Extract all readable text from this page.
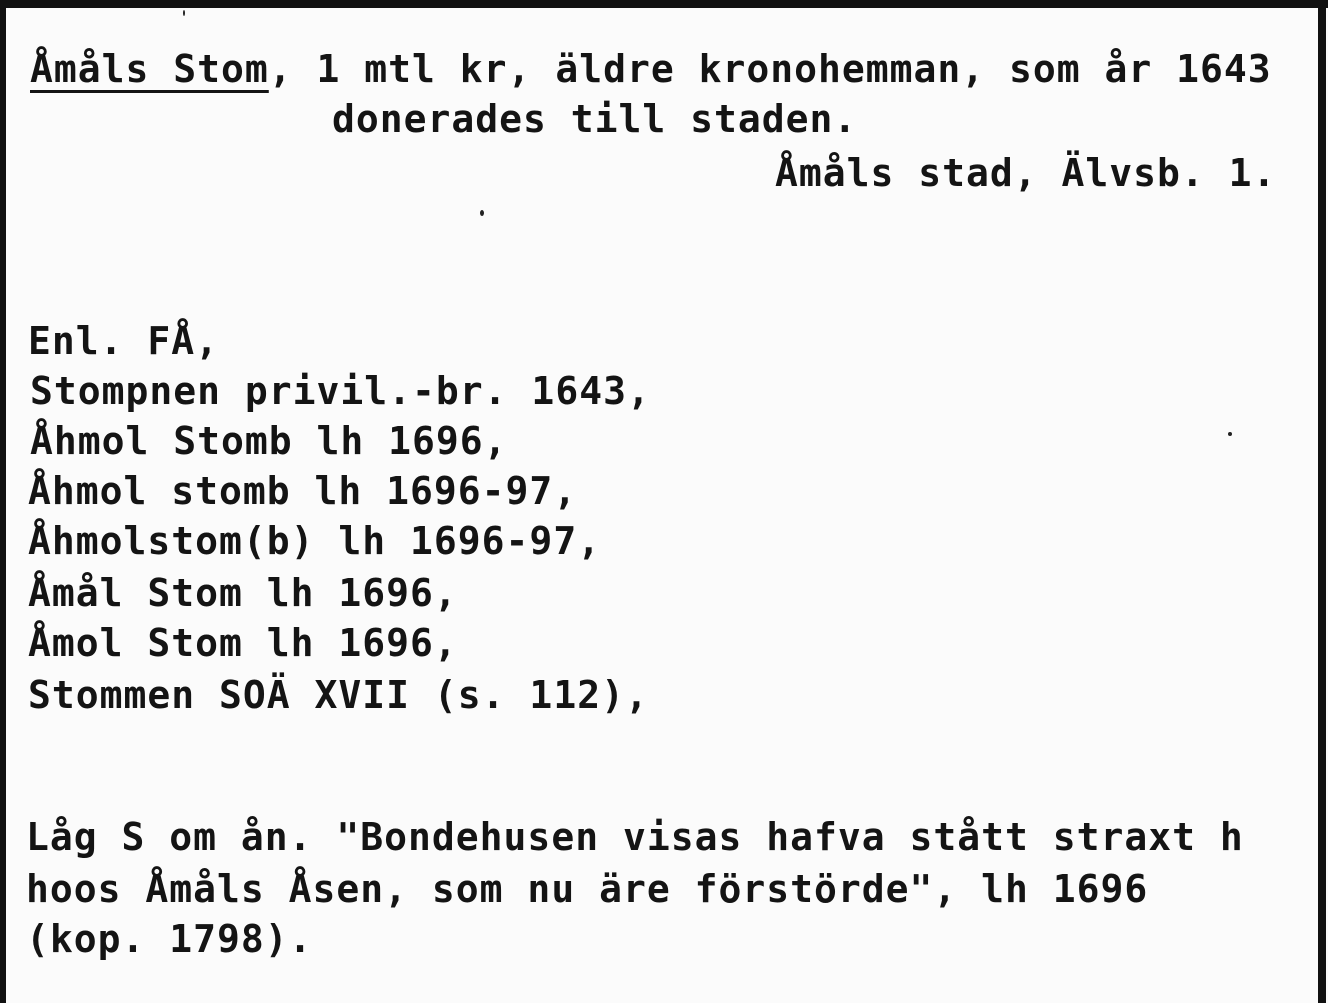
Åmåls Stom, 1 mtl kr, äldre kronohemman, som år 1643
donerades till staden.
Åmåls stad, Älvsb. 1.
Enl. FÅ,
Stompnen privil.-br. 1643,
Åhmol Stomb lh 1696,
Åhmol stomb lh 1696-97,
Åhmolstom(b) lh 1696-97,
Åmål Stom lh 1696,
Åmol Stom lh 1696,
Stommen SOÄ XVII (s. 112),
Låg S om ån. "Bondehusen visas hafva stått straxt h
hoos Åmåls Åsen, som nu äre förstörde", lh 1696
(kop. 1798).
